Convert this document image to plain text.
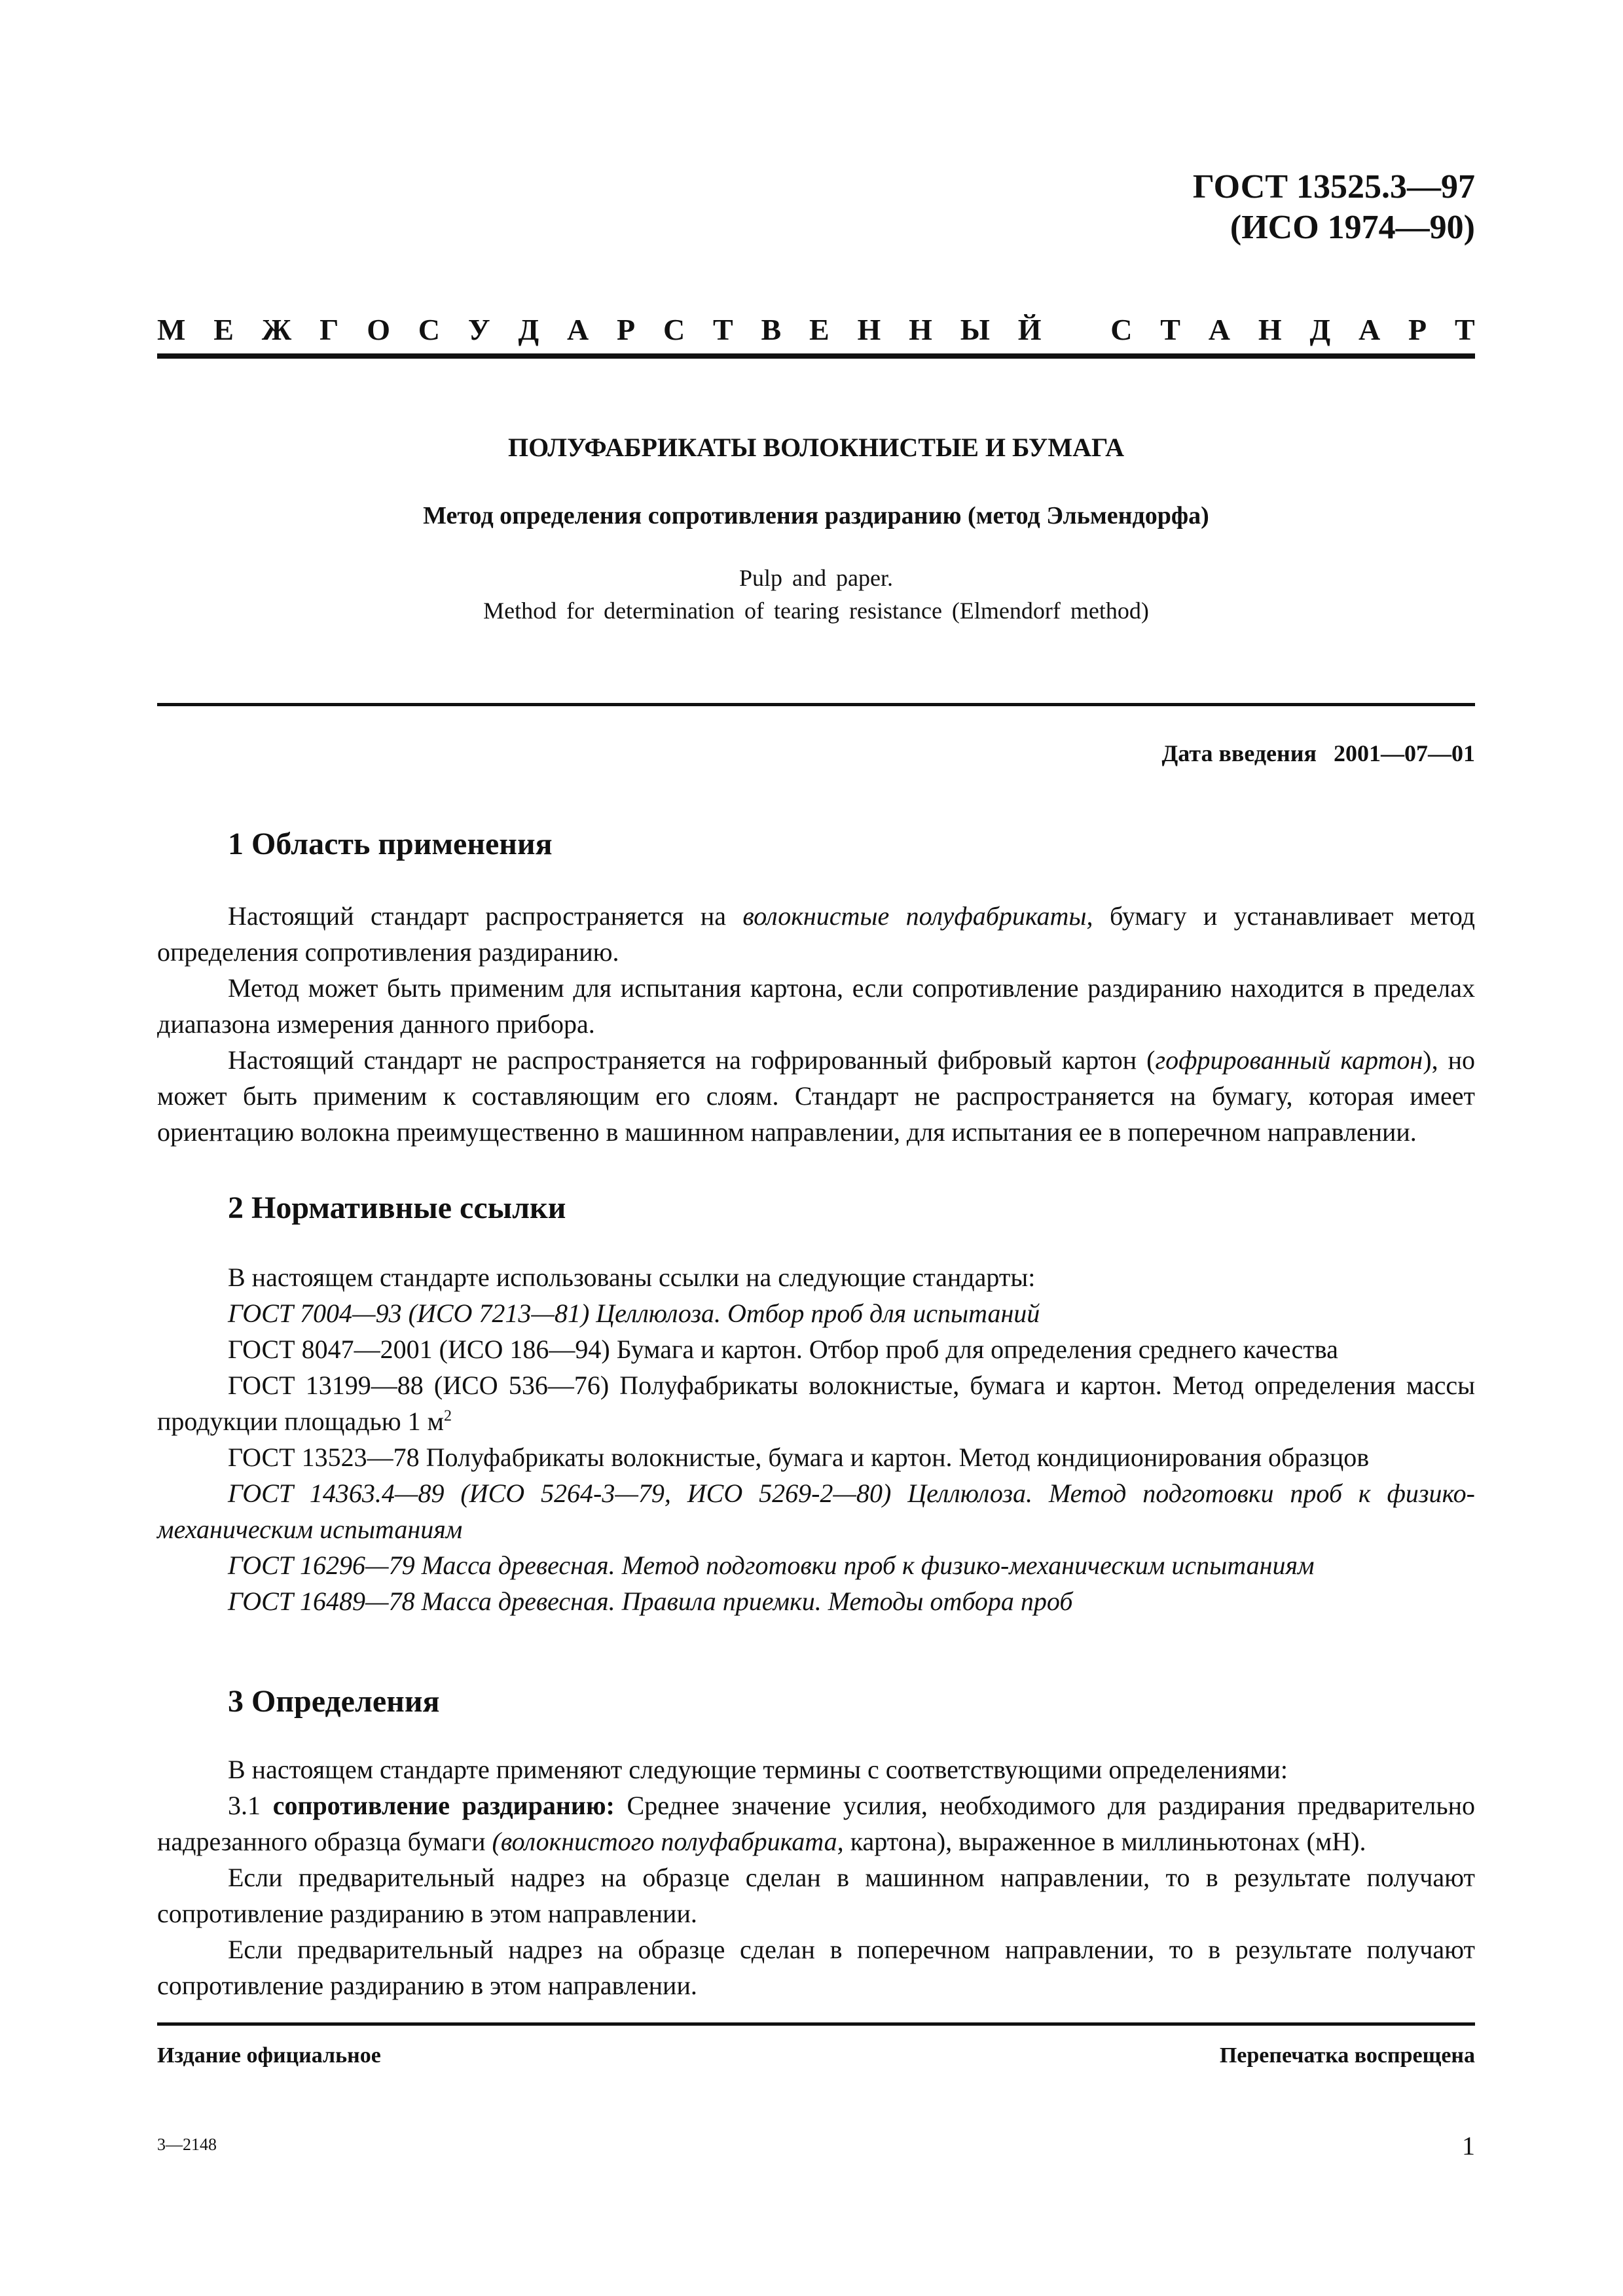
ГОСТ 13525.3—97
(ИСО 1974—90)
М Е Ж Г О С У Д А Р С Т В Е Н Н Ы Й С Т А Н Д А Р Т
ПОЛУФАБРИКАТЫ ВОЛОКНИСТЫЕ И БУМАГА
Метод определения сопротивления раздиранию (метод Эльмендорфа)
Pulp and paper.
Method for determination of tearing resistance (Elmendorf method)
Дата введения 2001—07—01
1 Область применения

Настоящий стандарт распространяется на волокнистые полуфабрикаты, бумагу и устанавливает метод определения сопротивления раздиранию.

Метод может быть применим для испытания картона, если сопротивление раздиранию находится в пределах диапазона измерения данного прибора.

Настоящий стандарт не распространяется на гофрированный фибровый картон (гофрированный картон), но может быть применим к составляющим его слоям. Стандарт не распространяется на бумагу, которая имеет ориентацию волокна преимущественно в машинном направлении, для испытания ее в поперечном направлении.

2 Нормативные ссылки

В настоящем стандарте использованы ссылки на следующие стандарты:

ГОСТ 7004—93 (ИСО 7213—81) Целлюлоза. Отбор проб для испытаний

ГОСТ 8047—2001 (ИСО 186—94) Бумага и картон. Отбор проб для определения среднего качества

ГОСТ 13199—88 (ИСО 536—76) Полуфабрикаты волокнистые, бумага и картон. Метод определения массы продукции площадью 1 $м^2$

ГОСТ 13523—78 Полуфабрикаты волокнистые, бумага и картон. Метод кондиционирования образцов

ГОСТ 14363.4—89 (ИСО 5264-3—79, ИСО 5269-2—80) Целлюлоза. Метод подготовки проб к физико-механическим испытаниям

ГОСТ 16296—79 Масса древесная. Метод подготовки проб к физико-механическим испытаниям

ГОСТ 16489—78 Масса древесная. Правила приемки. Методы отбора проб

3 Определения

В настоящем стандарте применяют следующие термины с соответствующими определениями:

3.1 сопротивление раздиранию: Среднее значение усилия, необходимого для раздирания предварительно надрезанного образца бумаги (волокнистого полуфабриката, картона), выраженное в миллиньютонах (мН).

Если предварительный надрез на образце сделан в машинном направлении, то в результате получают сопротивление раздиранию в этом направлении.

Если предварительный надрез на образце сделан в поперечном направлении, то в результате получают сопротивление раздиранию в этом направлении.

Издание официальное	Перепечатка воспрещена
3—2148	1
